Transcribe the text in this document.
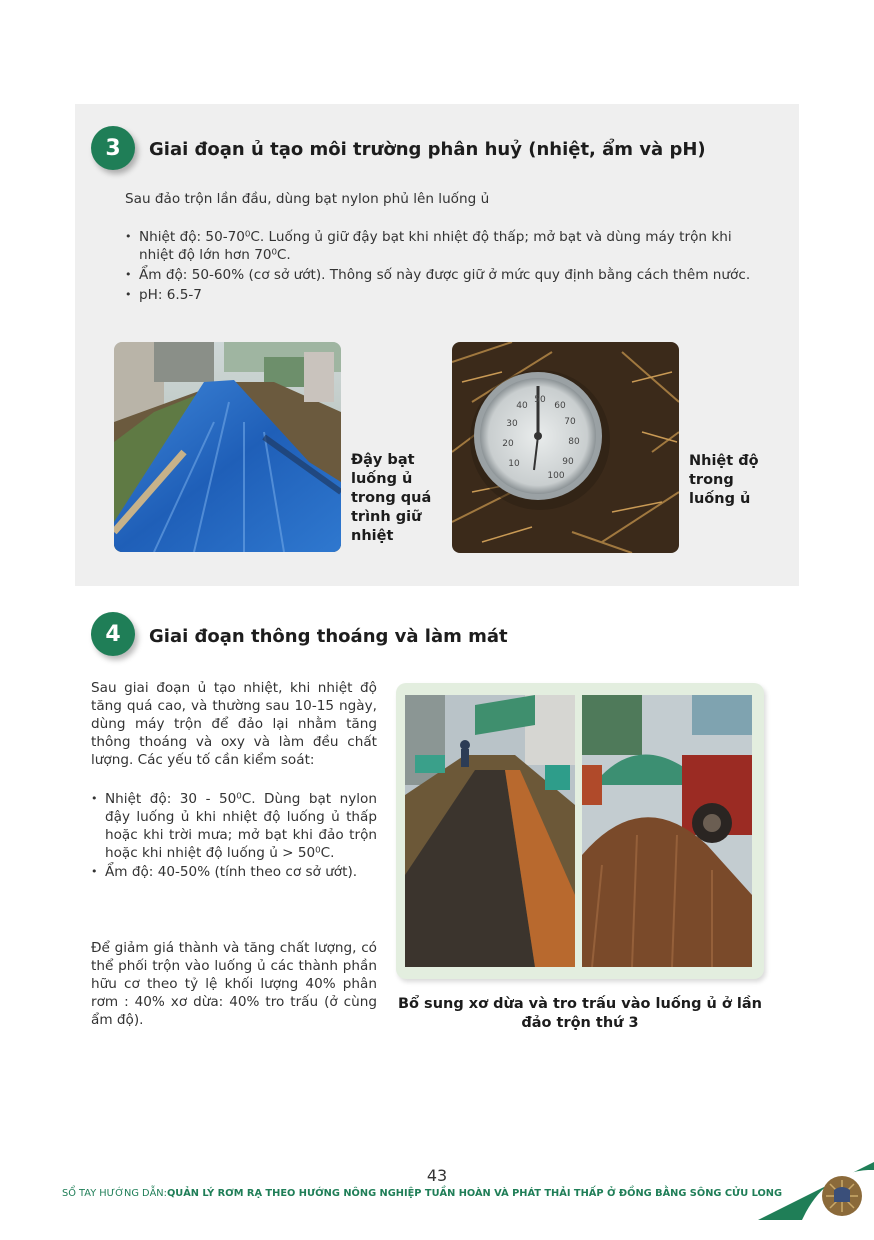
3 Giai đoạn ủ tạo môi trường phân huỷ (nhiệt, ẩm và pH)
Sau đảo trộn lần đầu, dùng bạt nylon phủ lên luống ủ
• Nhiệt độ: 50-70⁰C. Luống ủ giữ đậy bạt khi nhiệt độ thấp; mở bạt và dùng máy trộn khi nhiệt độ lớn hơn 70⁰C.
• Ẩm độ: 50-60% (cơ sở ướt). Thông số này được giữ ở mức quy định bằng cách thêm nước.
• pH: 6.5-7
Đậy bạt luống ủ trong quá trình giữ nhiệt
40
50
60
30	70
20	80
10	90
100
Nhiệt độ trong luống ủ
4 Giai đoạn thông thoáng và làm mát
Sau giai đoạn ủ tạo nhiệt, khi nhiệt độ tăng quá cao, và thường sau 10-15 ngày, dùng máy trộn để đảo lại nhằm tăng thông thoáng và oxy và làm đều chất lượng. Các yếu tố cần kiểm soát:
• Nhiệt độ: 30 - 50⁰C. Dùng bạt nylon đậy luống ủ khi nhiệt độ luống ủ thấp hoặc khi trời mưa; mở bạt khi đảo trộn hoặc khi nhiệt độ luống ủ > 50⁰C.
• Ẩm độ: 40-50% (tính theo cơ sở ướt).
Để giảm giá thành và tăng chất lượng, có thể phối trộn vào luống ủ các thành phần hữu cơ theo tỷ lệ khối lượng 40% phân rơm : 40% xơ dừa: 40% tro trấu (ở cùng ẩm độ).
Bổ sung xơ dừa và tro trấu vào luống ủ ở lần đảo trộn thứ 3
43
SỔ TAY HƯỚNG DẪN:QUẢN LÝ RƠM RẠ THEO HƯỚNG NÔNG NGHIỆP TUẦN HOÀN VÀ PHÁT THẢI THẤP Ở ĐỒNG BẰNG SÔNG CỬU LONG
